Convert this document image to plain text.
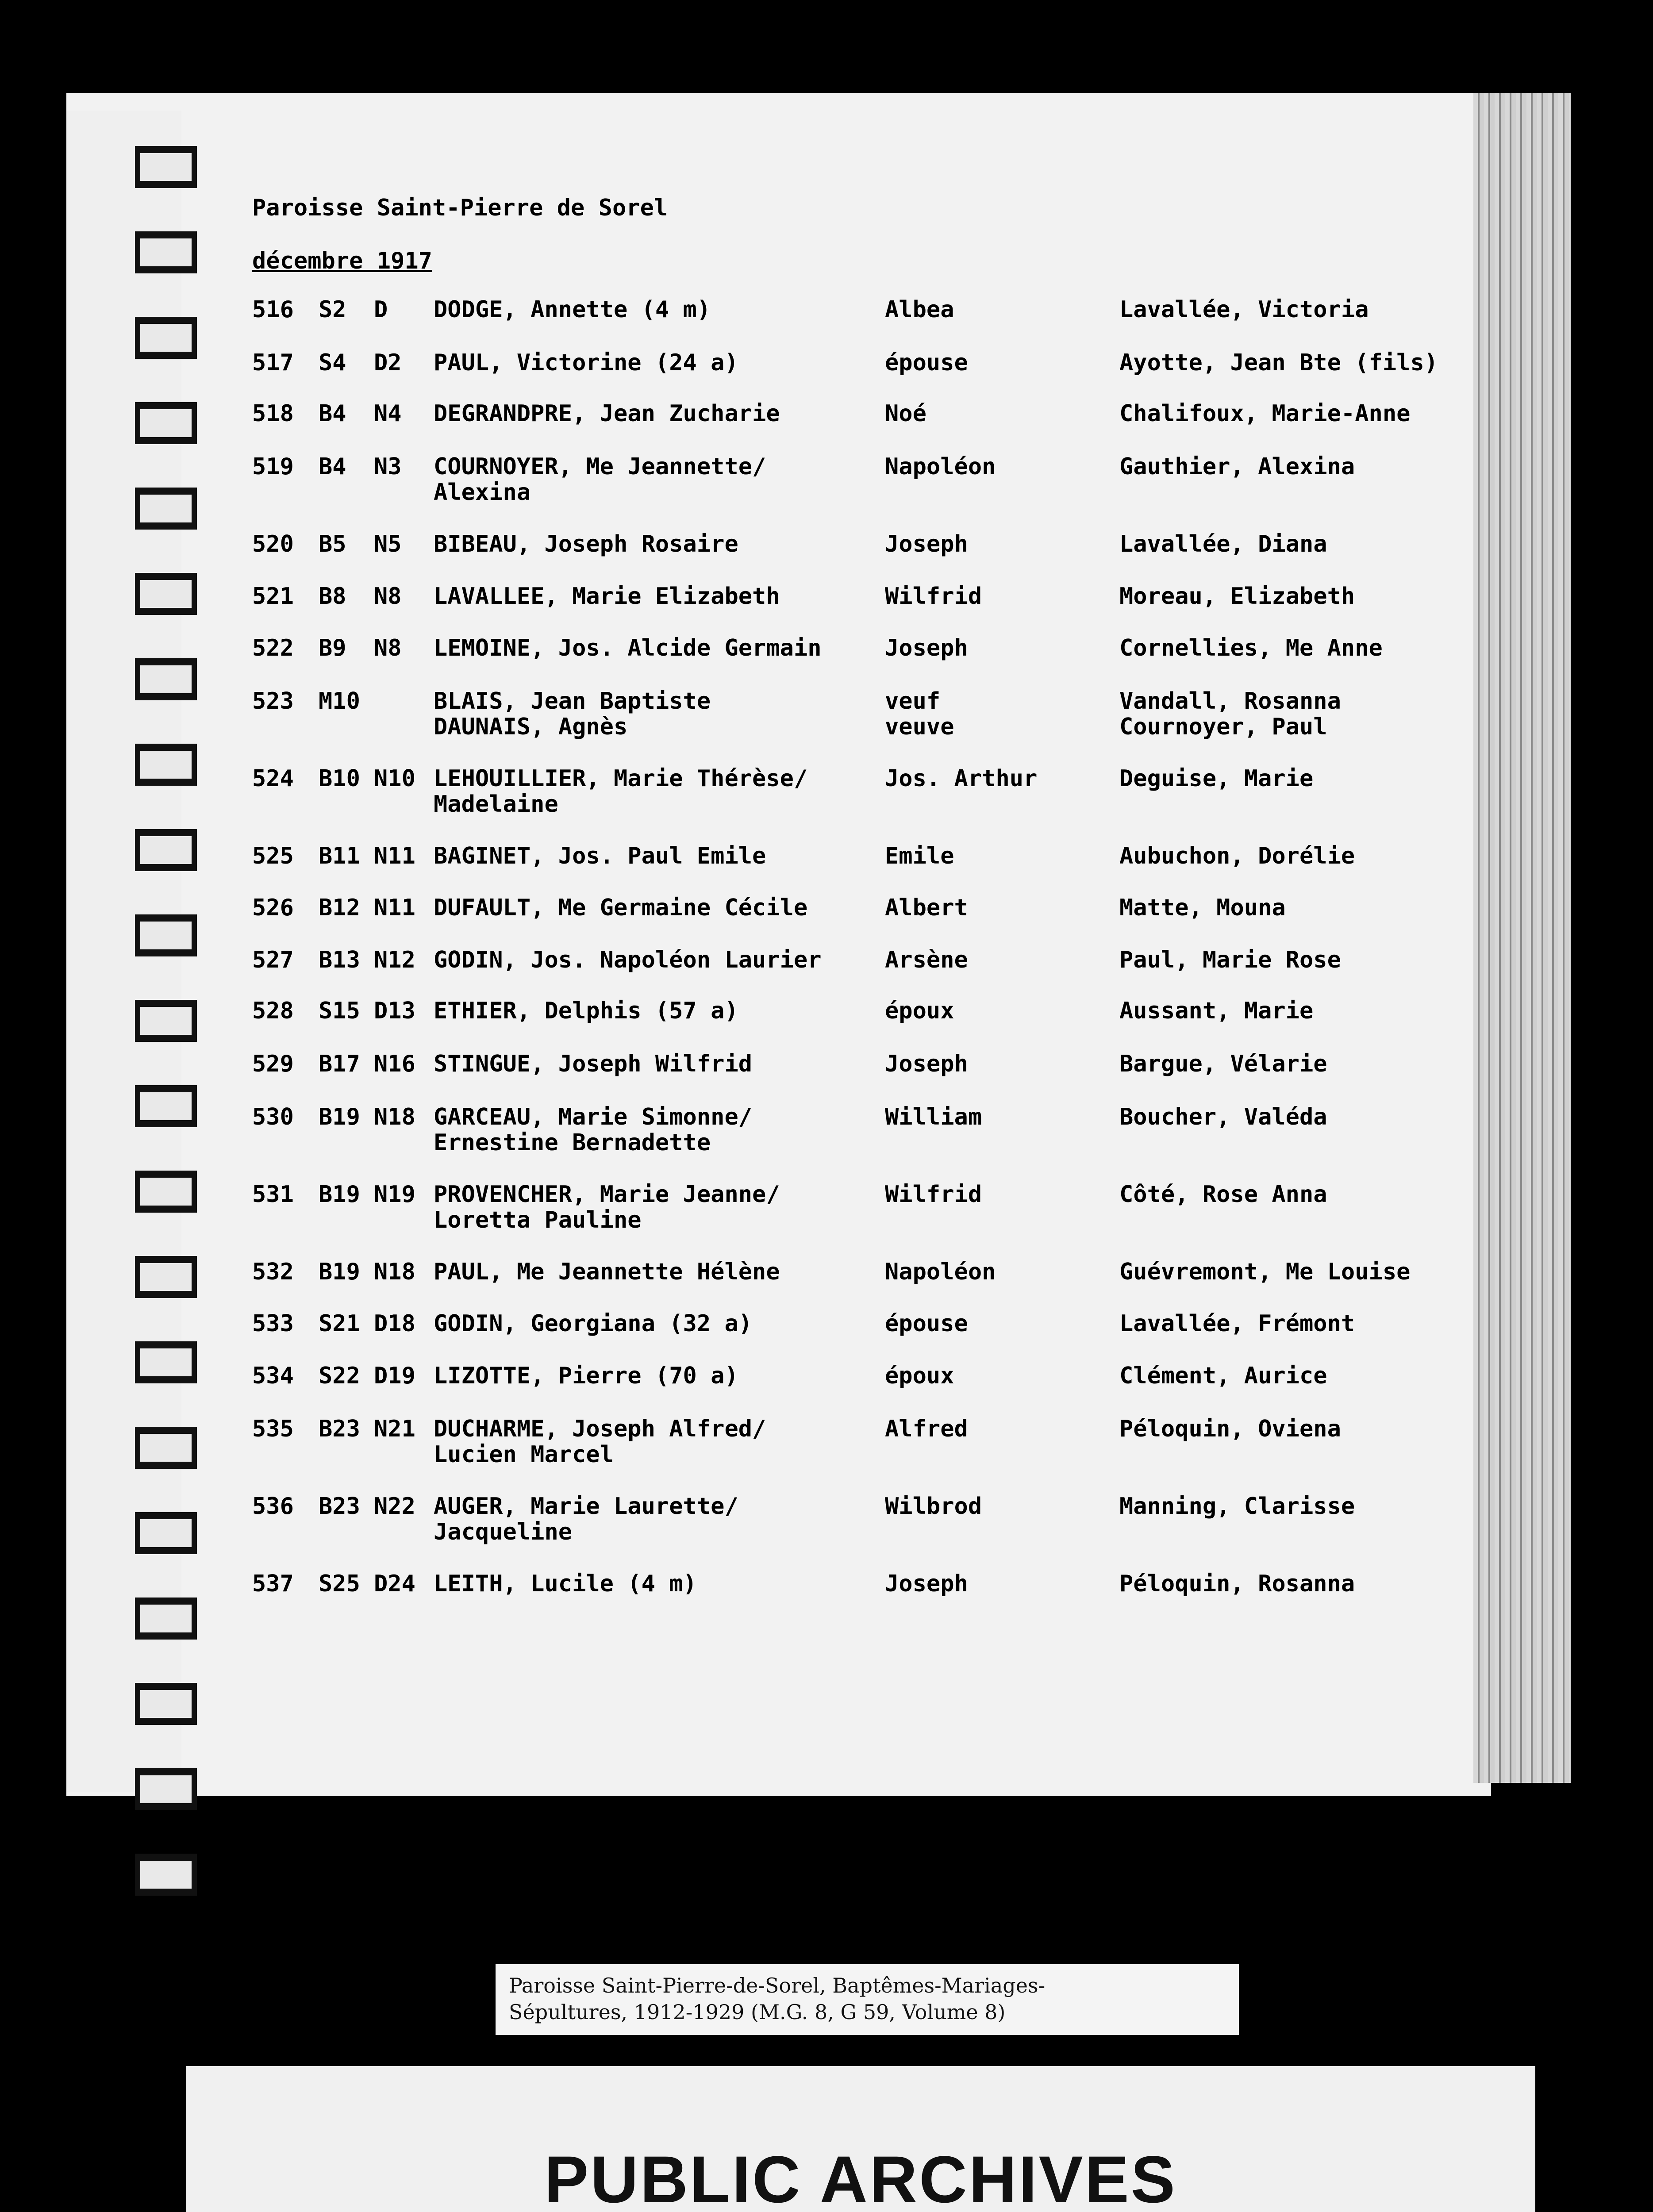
Paroisse Saint-Pierre de Sorel
décembre 1917
516 S2 D DODGE, Annette (4 m)	Albea	Lavallée, Victoria
517 S4 D2 PAUL, Victorine (24 a)	épouse	Ayotte, Jean Bte (fils)
518 B4 N4 DEGRANDPRE, Jean Zucharie	Noé	Chalifoux, Marie-Anne
519 B4 N3 COURNOYER, Me Jeannette/	Napoléon	Gauthier, Alexina
Alexina
520 B5 N5 BIBEAU, Joseph Rosaire	Joseph	Lavallée, Diana
521 B8 N8 LAVALLEE, Marie Elizabeth	Wilfrid	Moreau, Elizabeth
522 B9 N8 LEMOINE, Jos. Alcide Germain	Joseph	Cornellies, Me Anne
523 M10	BLAIS, Jean Baptiste	veuf	Vandall, Rosanna
DAUNAIS, Agnès	veuve	Cournoyer, Paul
524 B10 N10 LEHOUILLIER, Marie Thérèse/	Jos. Arthur	Deguise, Marie
Madelaine
525 B11 N11 BAGINET, Jos. Paul Emile	Emile	Aubuchon, Dorélie
526 B12 N11 DUFAULT, Me Germaine Cécile	Albert	Matte, Mouna
527 B13 N12 GODIN, Jos. Napoléon Laurier	Arsène	Paul, Marie Rose
528 S15 D13 ETHIER, Delphis (57 a)	époux	Aussant, Marie
529 B17 N16 STINGUE, Joseph Wilfrid	Joseph	Bargue, Vélarie
530 B19 N18 GARCEAU, Marie Simonne/	William	Boucher, Valéda
Ernestine Bernadette
531 B19 N19 PROVENCHER, Marie Jeanne/	Wilfrid	Côté, Rose Anna
Loretta Pauline
532 B19 N18 PAUL, Me Jeannette Hélène	Napoléon	Guévremont, Me Louise
533 S21 D18 GODIN, Georgiana (32 a)	épouse	Lavallée, Frémont
534 S22 D19 LIZOTTE, Pierre (70 a)	époux	Clément, Aurice
535 B23 N21 DUCHARME, Joseph Alfred/	Alfred	Péloquin, Oviena
Lucien Marcel
536 B23 N22 AUGER, Marie Laurette/	Wilbrod	Manning, Clarisse
Jacqueline
537 S25 D24 LEITH, Lucile (4 m)	Joseph	Péloquin, Rosanna
Paroisse Saint-Pierre-de-Sorel, Baptêmes-Mariages-
Sépultures, 1912-1929 (M.G. 8, G 59, Volume 8)
PUBLIC ARCHIVES
